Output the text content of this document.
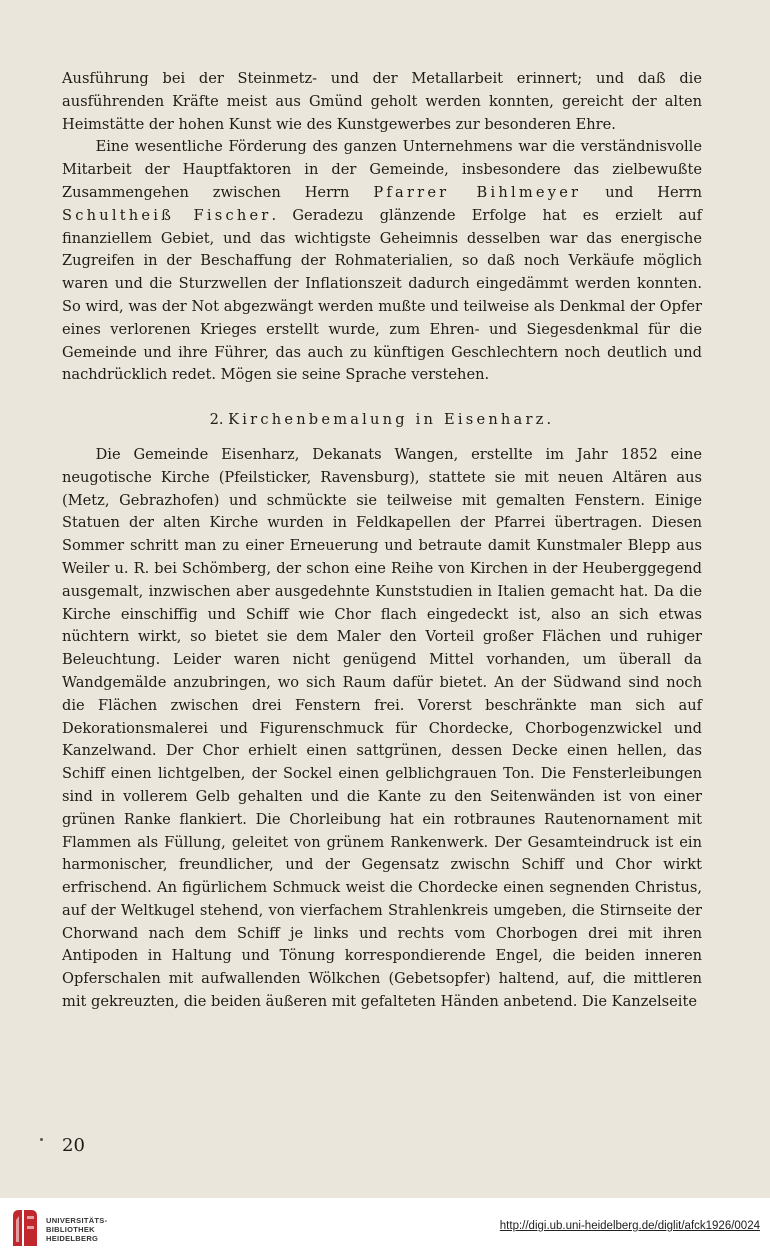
Ausführung bei der Steinmetz- und der Metallarbeit erinnert; und daß die ausführenden Kräfte meist aus Gmünd geholt werden konnten, gereicht der alten Heimstätte der hohen Kunst wie des Kunstgewerbes zur besonderen Ehre.

Eine wesentliche Förderung des ganzen Unternehmens war die verständnisvolle Mitarbeit der Hauptfaktoren in der Gemeinde, insbesondere das zielbewußte Zusammengehen zwischen Herrn Pfarrer Bihlmeyer und Herrn Schultheiß Fischer. Geradezu glänzende Erfolge hat es erzielt auf finanziellem Gebiet, und das wichtigste Geheimnis desselben war das energische Zugreifen in der Beschaffung der Rohmaterialien, so daß noch Verkäufe möglich waren und die Sturzwellen der Inflationszeit dadurch eingedämmt werden konnten. So wird, was der Not abgezwängt werden mußte und teilweise als Denkmal der Opfer eines verlorenen Krieges erstellt wurde, zum Ehren- und Siegesdenkmal für die Gemeinde und ihre Führer, das auch zu künftigen Geschlechtern noch deutlich und nachdrücklich redet. Mögen sie seine Sprache verstehen.

2. Kirchenbemalung in Eisenharz.

Die Gemeinde Eisenharz, Dekanats Wangen, erstellte im Jahr 1852 eine neugotische Kirche (Pfeilsticker, Ravensburg), stattete sie mit neuen Altären aus (Metz, Gebrazhofen) und schmückte sie teilweise mit gemalten Fenstern. Einige Statuen der alten Kirche wurden in Feldkapellen der Pfarrei übertragen. Diesen Sommer schritt man zu einer Erneuerung und betraute damit Kunstmaler Blepp aus Weiler u. R. bei Schömberg, der schon eine Reihe von Kirchen in der Heuberggegend ausgemalt, inzwischen aber ausgedehnte Kunststudien in Italien gemacht hat. Da die Kirche einschiffig und Schiff wie Chor flach eingedeckt ist, also an sich etwas nüchtern wirkt, so bietet sie dem Maler den Vorteil großer Flächen und ruhiger Beleuchtung. Leider waren nicht genügend Mittel vorhanden, um überall da Wandgemälde anzubringen, wo sich Raum dafür bietet. An der Südwand sind noch die Flächen zwischen drei Fenstern frei. Vorerst beschränkte man sich auf Dekorationsmalerei und Figurenschmuck für Chordecke, Chorbogenzwickel und Kanzelwand. Der Chor erhielt einen sattgrünen, dessen Decke einen hellen, das Schiff einen lichtgelben, der Sockel einen gelblichgrauen Ton. Die Fensterleibungen sind in vollerem Gelb gehalten und die Kante zu den Seitenwänden ist von einer grünen Ranke flankiert. Die Chorleibung hat ein rotbraunes Rautenornament mit Flammen als Füllung, geleitet von grünem Rankenwerk. Der Gesamteindruck ist ein harmonischer, freundlicher, und der Gegensatz zwischn Schiff und Chor wirkt erfrischend. An figürlichem Schmuck weist die Chordecke einen segnenden Christus, auf der Weltkugel stehend, von vierfachem Strahlenkreis umgeben, die Stirnseite der Chorwand nach dem Schiff je links und rechts vom Chorbogen drei mit ihren Antipoden in Haltung und Tönung korrespondierende Engel, die beiden inneren Opferschalen mit aufwallenden Wölkchen (Gebetsopfer) haltend, auf, die mittleren mit gekreuzten, die beiden äußeren mit gefalteten Händen anbetend. Die Kanzelseite

20
UNIVERSITÄTS-
BIBLIOTHEK
HEIDELBERG
http://digi.ub.uni-heidelberg.de/diglit/afck1926/0024
